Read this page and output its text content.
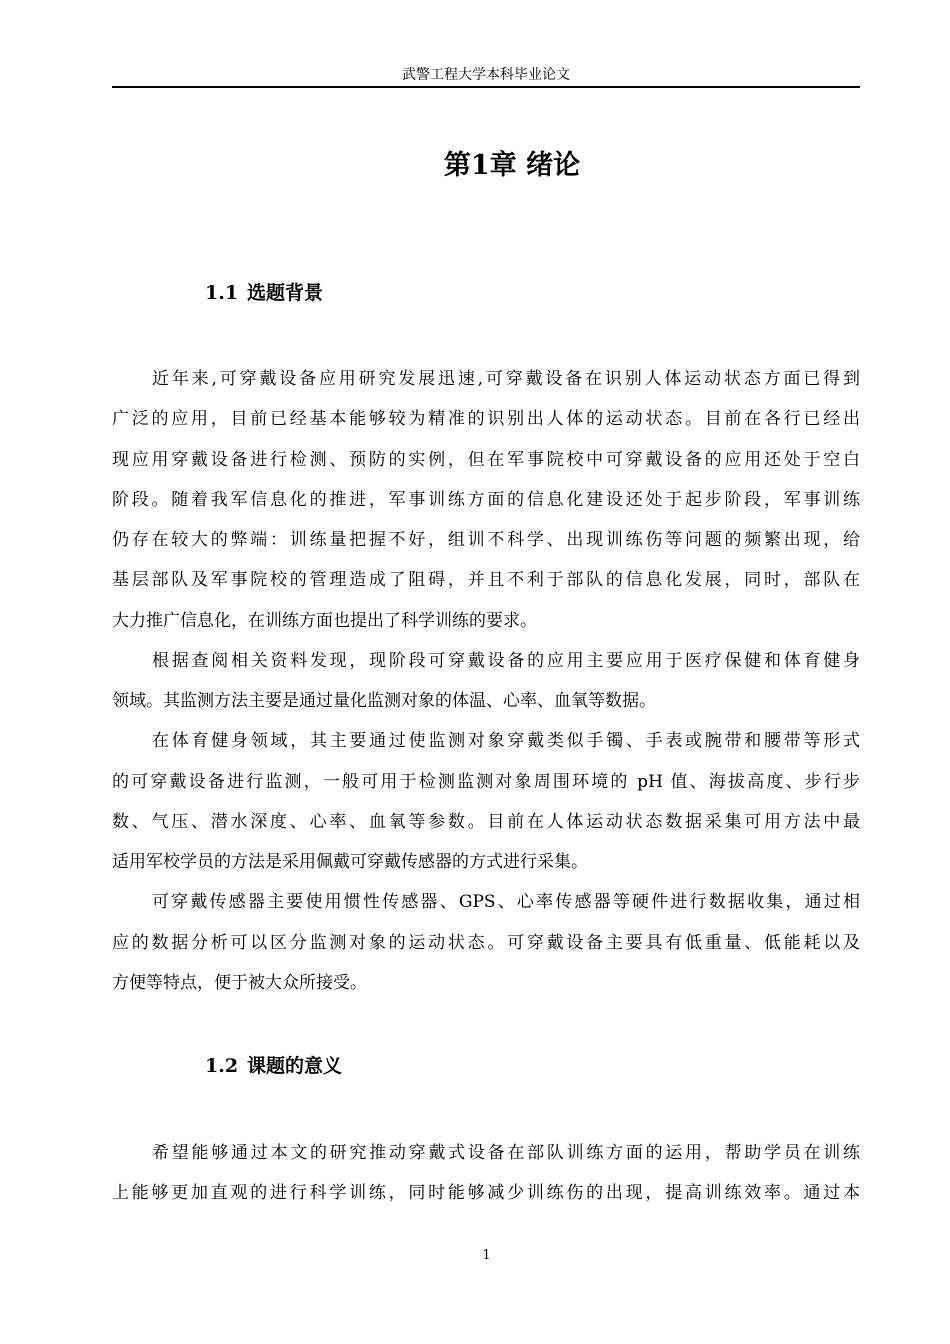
武警工程大学本科毕业论文
第1章 绪论
1.1 选题背景
近年来,可穿戴设备应用研究发展迅速,可穿戴设备在识别人体运动状态方面已得到
广泛的应用，目前已经基本能够较为精准的识别出人体的运动状态。目前在各行已经出
现应用穿戴设备进行检测、预防的实例，但在军事院校中可穿戴设备的应用还处于空白
阶段。随着我军信息化的推进，军事训练方面的信息化建设还处于起步阶段，军事训练
仍存在较大的弊端：训练量把握不好，组训不科学、出现训练伤等问题的频繁出现，给
基层部队及军事院校的管理造成了阻碍，并且不利于部队的信息化发展，同时，部队在
大力推广信息化，在训练方面也提出了科学训练的要求。
根据查阅相关资料发现，现阶段可穿戴设备的应用主要应用于医疗保健和体育健身
领域。其监测方法主要是通过量化监测对象的体温、心率、血氧等数据。
在体育健身领域，其主要通过使监测对象穿戴类似手镯、手表或腕带和腰带等形式
的可穿戴设备进行监测，一般可用于检测监测对象周围环境的 pH 值、海拔高度、步行步
数、气压、潜水深度、心率、血氧等参数。目前在人体运动状态数据采集可用方法中最
适用军校学员的方法是采用佩戴可穿戴传感器的方式进行采集。
可穿戴传感器主要使用惯性传感器、GPS、心率传感器等硬件进行数据收集，通过相
应的数据分析可以区分监测对象的运动状态。可穿戴设备主要具有低重量、低能耗以及
方便等特点，便于被大众所接受。
1.2 课题的意义
希望能够通过本文的研究推动穿戴式设备在部队训练方面的运用，帮助学员在训练
上能够更加直观的进行科学训练，同时能够减少训练伤的出现，提高训练效率。通过本
1
